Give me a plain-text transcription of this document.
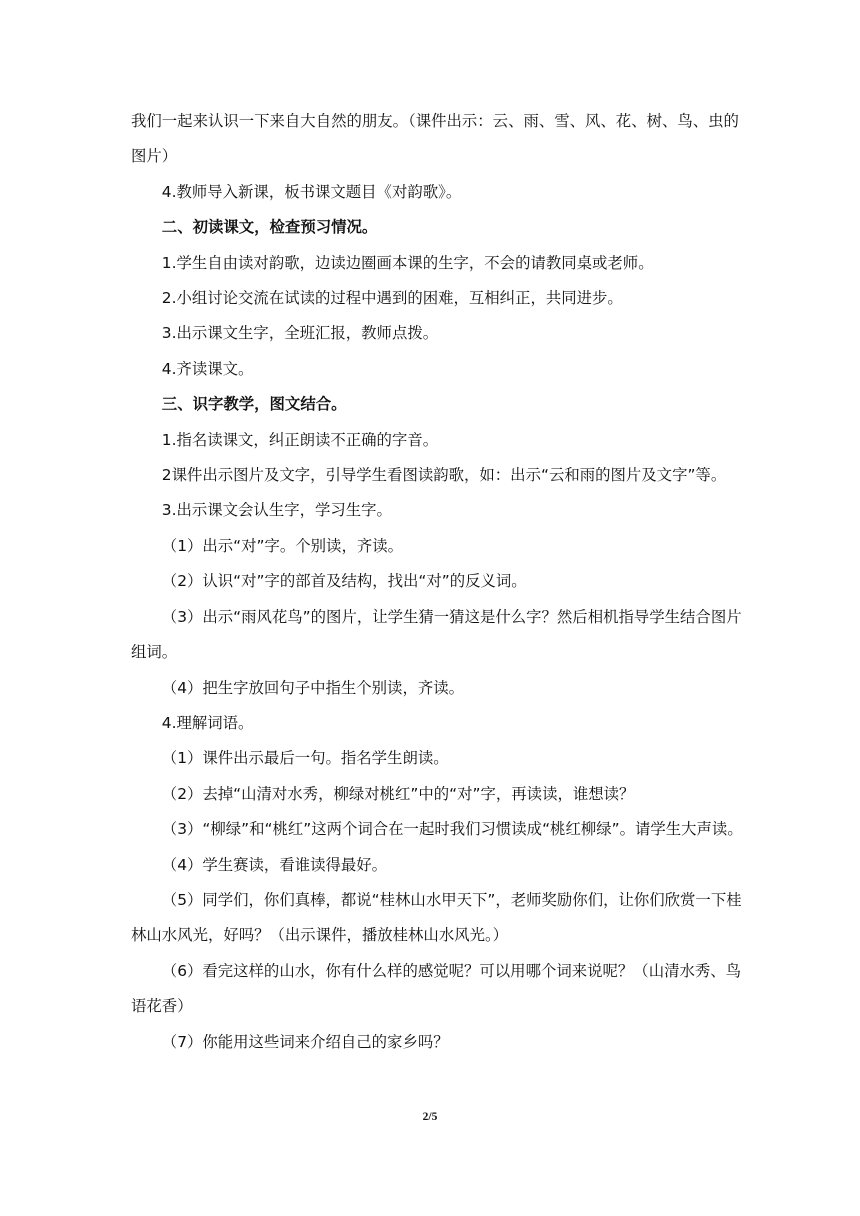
我们一起来认识一下来自大自然的朋友。（课件出示：云、雨、雪、风、花、树、鸟、虫的图片）

4.教师导入新课，板书课文题目《对韵歌》。

二、初读课文，检查预习情况。

1.学生自由读对韵歌，边读边圈画本课的生字，不会的请教同桌或老师。

2.小组讨论交流在试读的过程中遇到的困难，互相纠正，共同进步。

3.出示课文生字，全班汇报，教师点拨。

4.齐读课文。

三、识字教学，图文结合。

1.指名读课文，纠正朗读不正确的字音。

2课件出示图片及文字，引导学生看图读韵歌，如：出示“云和雨的图片及文字”等。

3.出示课文会认生字，学习生字。

（1）出示“对”字。个别读，齐读。

（2）认识“对”字的部首及结构，找出“对”的反义词。

（3）出示“雨风花鸟”的图片，让学生猜一猜这是什么字？然后相机指导学生结合图片组词。

（4）把生字放回句子中指生个别读，齐读。

4.理解词语。

（1）课件出示最后一句。指名学生朗读。

（2）去掉“山清对水秀，柳绿对桃红”中的“对”字，再读读，谁想读？

（3）“柳绿”和“桃红”这两个词合在一起时我们习惯读成“桃红柳绿”。请学生大声读。

（4）学生赛读，看谁读得最好。

（5）同学们，你们真棒，都说“桂林山水甲天下”，老师奖励你们，让你们欣赏一下桂林山水风光，好吗？（出示课件，播放桂林山水风光。）

（6）看完这样的山水，你有什么样的感觉呢？可以用哪个词来说呢？（山清水秀、鸟语花香）

（7）你能用这些词来介绍自己的家乡吗？

2/5
